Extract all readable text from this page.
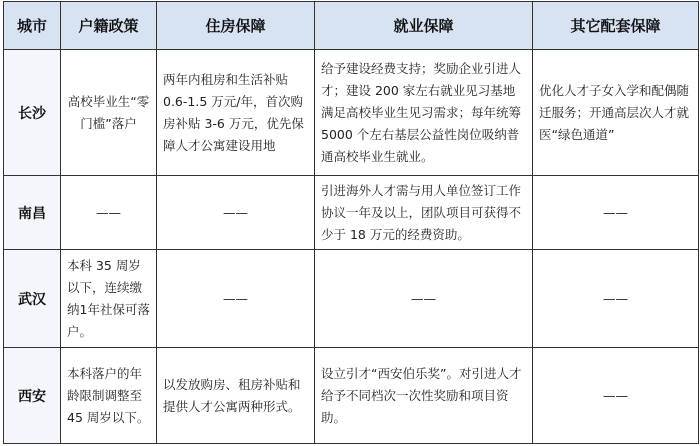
城市	户籍政策	住房保障	就业保障	其它配套保障
长沙	高校毕业生“零门槛”落户	两年内租房和生活补贴 0.6-1.5 万元/年，首次购房补贴 3-6 万元，优先保障人才公寓建设用地	给予建设经费支持；奖励企业引进人才；建设 200 家左右就业见习基地满足高校毕业生见习需求；每年统筹 5000 个左右基层公益性岗位吸纳普通高校毕业生就业。	优化人才子女入学和配偶随迁服务；开通高层次人才就医“绿色通道”
南昌	——	——	引进海外人才需与用人单位签订工作协议一年及以上，团队项目可获得不少于 18 万元的经费资助。	——
武汉	本科 35 周岁以下，连续缴纳1年社保可落户。	——	——	——
西安	本科落户的年龄限制调整至 45 周岁以下。	以发放购房、租房补贴和提供人才公寓两种形式。	设立引才“西安伯乐奖”。对引进人才给予不同档次一次性奖励和项目资助。	——
